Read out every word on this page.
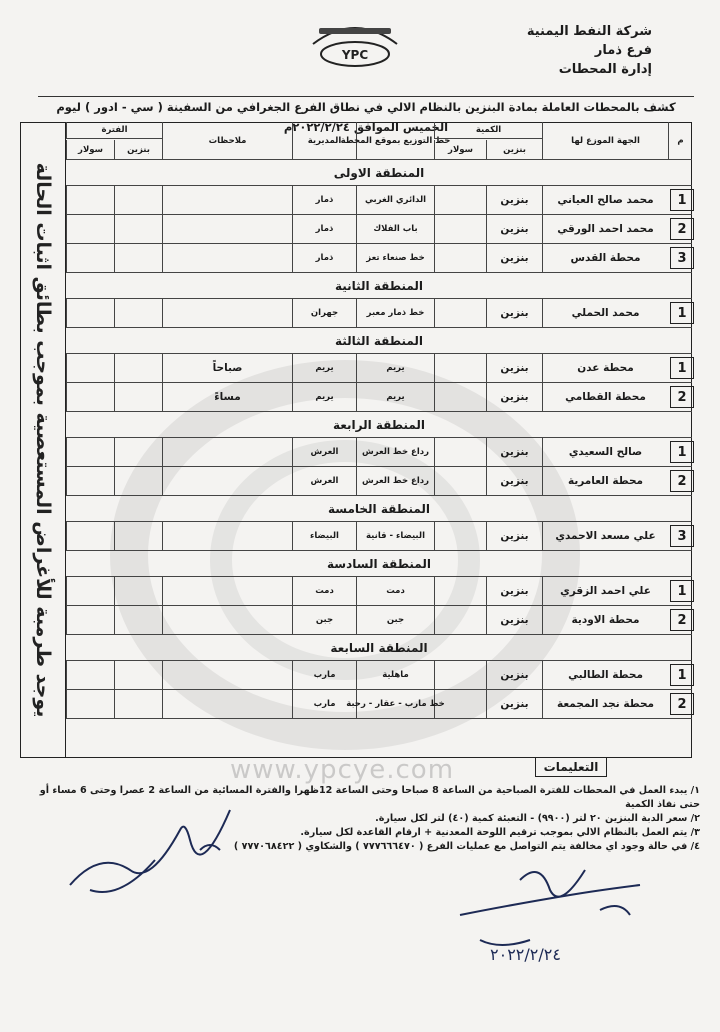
www.ypcye.com
شركة النفط اليمنية
فرع ذمار
إدارة المحطات
YPC
كشف بالمحطات العاملة بمادة البنزين بالنظام الالي في نطاق الفرع الجغرافي من السفينة ( سي - ادور ) ليوم الخميس الموافق ٢٠٢٢/٢/٢٤م
يوجد طرمبة للأغراض المستعصية بموجب بطائق اثبات الحالة
م
الجهة الموزع لها
بنزين
سولار
خط التوزيع بموقع المحطة
المديرية
ملاحظات
بنزين
سولار
الكمية
الفترة
المنطقة الاولى
1
محمد صالح العياني
بنزين
الدائري الغربي
ذمار
2
محمد احمد الورقي
بنزين
باب الفلاك
ذمار
3
محطة القدس
بنزين
خط صنعاء تعز
ذمار
المنطقة الثانية
1
محمد الحملي
بنزين
خط ذمار معبر
جهران
المنطقة الثالثة
1
محطة عدن
بنزين
يريم
يريم
صباحاً
2
محطة القطامي
بنزين
يريم
يريم
مساءً
المنطقة الرابعة
1
صالح السعيدي
بنزين
رداع خط العرش
العرش
2
محطة العامرية
بنزين
رداع خط العرش
العرش
المنطقة الخامسة
3
علي مسعد الاحمدي
بنزين
البيضاء - قانية
البيضاء
المنطقة السادسة
1
علي احمد الزقري
بنزين
دمت
دمت
2
محطة الاودية
بنزين
جبن
جبن
المنطقة السابعة
1
محطة الطالبي
بنزين
ماهلية
مارب
2
محطة نجد المجمعة
بنزين
خط مارب - عقار - رحبة
مارب
التعليمات
١/ يبدء العمل في المحطات للفترة الصباحية من الساعة 8 صباحا وحتى الساعة 12ظهرا والفترة المسائية من الساعة 2 عصرا وحتى 6 مساء أو حتى نفاذ الكمية
٢/ سعر الدبة البنزين ٢٠ لتر (٩٩٠٠) - التعبئة كمية (٤٠) لتر لكل سيارة.
٣/ يتم العمل بالنظام الالي بموجب ترقيم اللوحة المعدنية + ارقام القاعدة لكل سيارة.
٤/ في حالة وجود اي مخالفة يتم التواصل مع عمليات الفرع ( ٧٧٧٦٦٦٤٧٠ ) والشكاوي ( ٧٧٧٠٦٨٤٢٢ )
٢٠٢٢/٢/٢٤
